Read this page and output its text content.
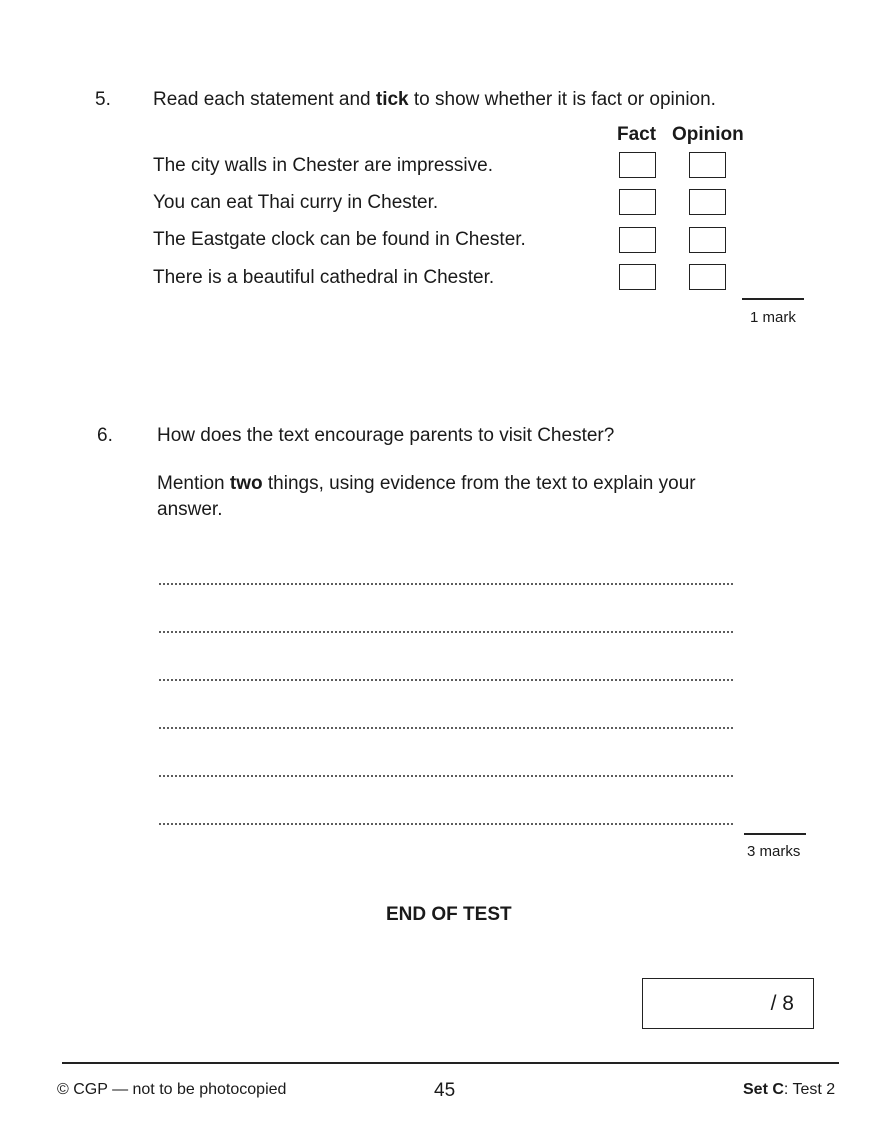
5. Read each statement and tick to show whether it is fact or opinion.
Fact Opinion
The city walls in Chester are impressive.
You can eat Thai curry in Chester.
The Eastgate clock can be found in Chester.
There is a beautiful cathedral in Chester.
1 mark
6. How does the text encourage parents to visit Chester?
Mention two things, using evidence from the text to explain your
answer.
3 marks
END OF TEST
/ 8
© CGP — not to be photocopied	45	Set C: Test 2
